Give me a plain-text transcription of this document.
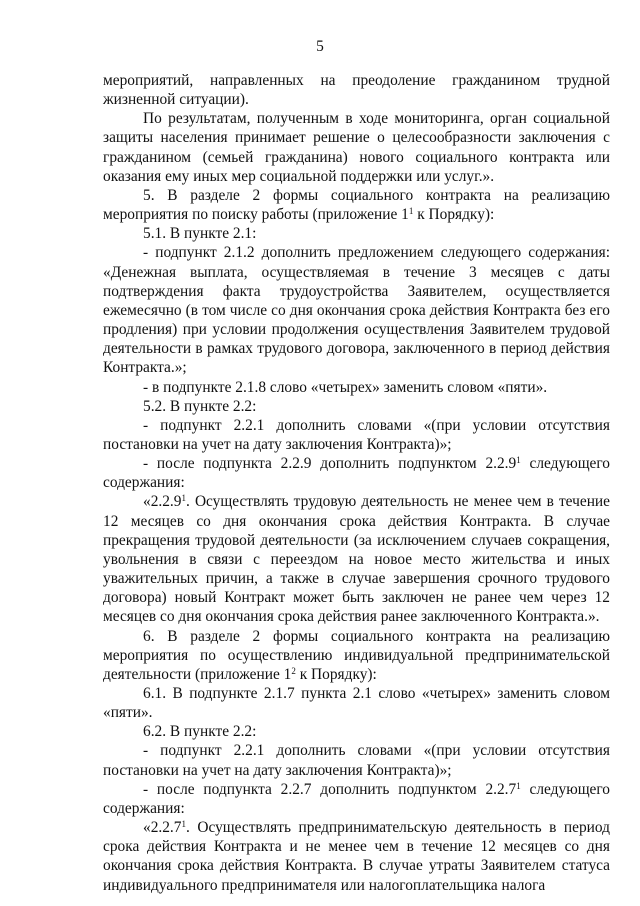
5

мероприятий, направленных на преодоление гражданином трудной жизненной ситуации).

По результатам, полученным в ходе мониторинга, орган социальной защиты населения принимает решение о целесообразности заключения с гражданином (семьей гражданина) нового социального контракта или оказания ему иных мер социальной поддержки или услуг.».

5. В разделе 2 формы социального контракта на реализацию мероприятия по поиску работы (приложение $1^1$ к Порядку):

5.1. В пункте 2.1:

- подпункт 2.1.2 дополнить предложением следующего содержания: «Денежная выплата, осуществляемая в течение 3 месяцев с даты подтверждения факта трудоустройства Заявителем, осуществляется ежемесячно (в том числе со дня окончания срока действия Контракта без его продления) при условии продолжения осуществления Заявителем трудовой деятельности в рамках трудового договора, заключенного в период действия Контракта.»;

- в подпункте 2.1.8 слово «четырех» заменить словом «пяти».

5.2. В пункте 2.2:

- подпункт 2.2.1 дополнить словами «(при условии отсутствия постановки на учет на дату заключения Контракта)»;

- после подпункта 2.2.9 дополнить подпунктом 2.2.9$^1$ следующего содержания:

«2.2.9$^1$. Осуществлять трудовую деятельность не менее чем в течение 12 месяцев со дня окончания срока действия Контракта. В случае прекращения трудовой деятельности (за исключением случаев сокращения, увольнения в связи с переездом на новое место жительства и иных уважительных причин, а также в случае завершения срочного трудового договора) новый Контракт может быть заключен не ранее чем через 12 месяцев со дня окончания срока действия ранее заключенного Контракта.».

6. В разделе 2 формы социального контракта на реализацию мероприятия по осуществлению индивидуальной предпринимательской деятельности (приложение $1^2$ к Порядку):

6.1. В подпункте 2.1.7 пункта 2.1 слово «четырех» заменить словом «пяти».

6.2. В пункте 2.2:

- подпункт 2.2.1 дополнить словами «(при условии отсутствия постановки на учет на дату заключения Контракта)»;

- после подпункта 2.2.7 дополнить подпунктом 2.2.7$^1$ следующего содержания:

«2.2.7$^1$. Осуществлять предпринимательскую деятельность в период срока действия Контракта и не менее чем в течение 12 месяцев со дня окончания срока действия Контракта. В случае утраты Заявителем статуса индивидуального предпринимателя или налогоплательщика налога
